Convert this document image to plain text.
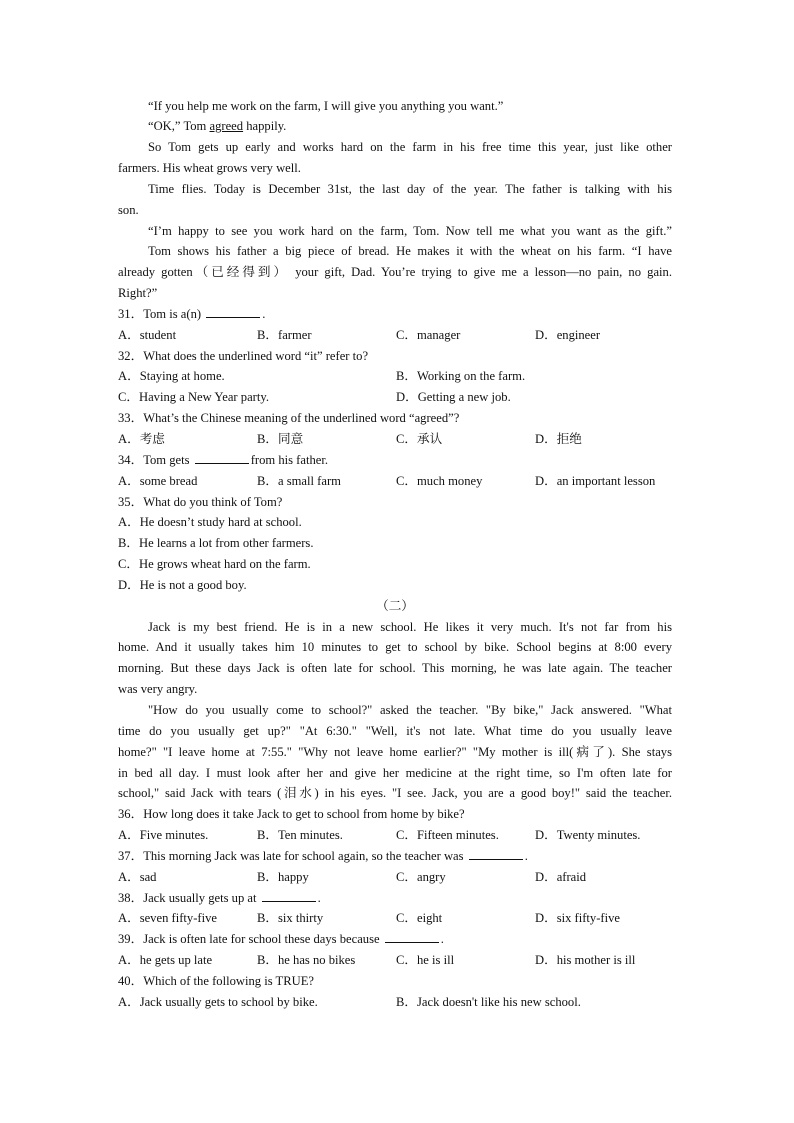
“If you help me work on the farm, I will give you anything you want.”
“OK,” Tom agreed happily.
So Tom gets up early and works hard on the farm in his free time this year, just like other
farmers. His wheat grows very well.
Time flies. Today is December 31st, the last day of the year. The father is talking with his
son.
“I’m happy to see you work hard on the farm, Tom. Now tell me what you want as the gift.”
Tom shows his father a big piece of bread. He makes it with the wheat on his farm. “I have
already gotten（已经得到） your gift, Dad. You’re trying to give me a lesson—no pain, no gain.
Right?”
31．Tom is a(n)	.
A．student	B．farmer	C．manager	D．engineer
32．What does the underlined word “it” refer to?
A．Staying at home.	B．Working on the farm.
C．Having a New Year party.	D．Getting a new job.
33．What’s the Chinese meaning of the underlined word “agreed”?
A．考虑	B．同意	C．承认	D．拒绝
34．Tom gets	from his father.
A．some bread	B．a small farm	C．much money	D．an important lesson
35．What do you think of Tom?
A．He doesn’t study hard at school.
B．He learns a lot from other farmers.
C．He grows wheat hard on the farm.
D．He is not a good boy.
（二）
Jack is my best friend. He is in a new school. He likes it very much. It's not far from his
home. And it usually takes him 10 minutes to get to school by bike. School begins at 8:00 every
morning. But these days Jack is often late for school. This morning, he was late again. The teacher
was very angry.
"How do you usually come to school?" asked the teacher. "By bike," Jack answered. "What
time do you usually get up?" "At 6:30." "Well, it's not late. What time do you usually leave
home?" "I leave home at 7:55." "Why not leave home earlier?" "My mother is ill(病了). She stays
in bed all day. I must look after her and give her medicine at the right time, so I'm often late for
school," said Jack with tears (泪水) in his eyes. "I see. Jack, you are a good boy!" said the teacher.
36．How long does it take Jack to get to school from home by bike?
A．Five minutes.	B．Ten minutes.	C．Fifteen minutes.	D．Twenty minutes.
37．This morning Jack was late for school again, so the teacher was	.
A．sad	B．happy	C．angry	D．afraid
38．Jack usually gets up at	.
A．seven fifty-five	B．six thirty	C．eight	D．six fifty-five
39．Jack is often late for school these days because	.
A．he gets up late	B．he has no bikes	C．he is ill	D．his mother is ill
40．Which of the following is TRUE?
A．Jack usually gets to school by bike.	B．Jack doesn't like his new school.
